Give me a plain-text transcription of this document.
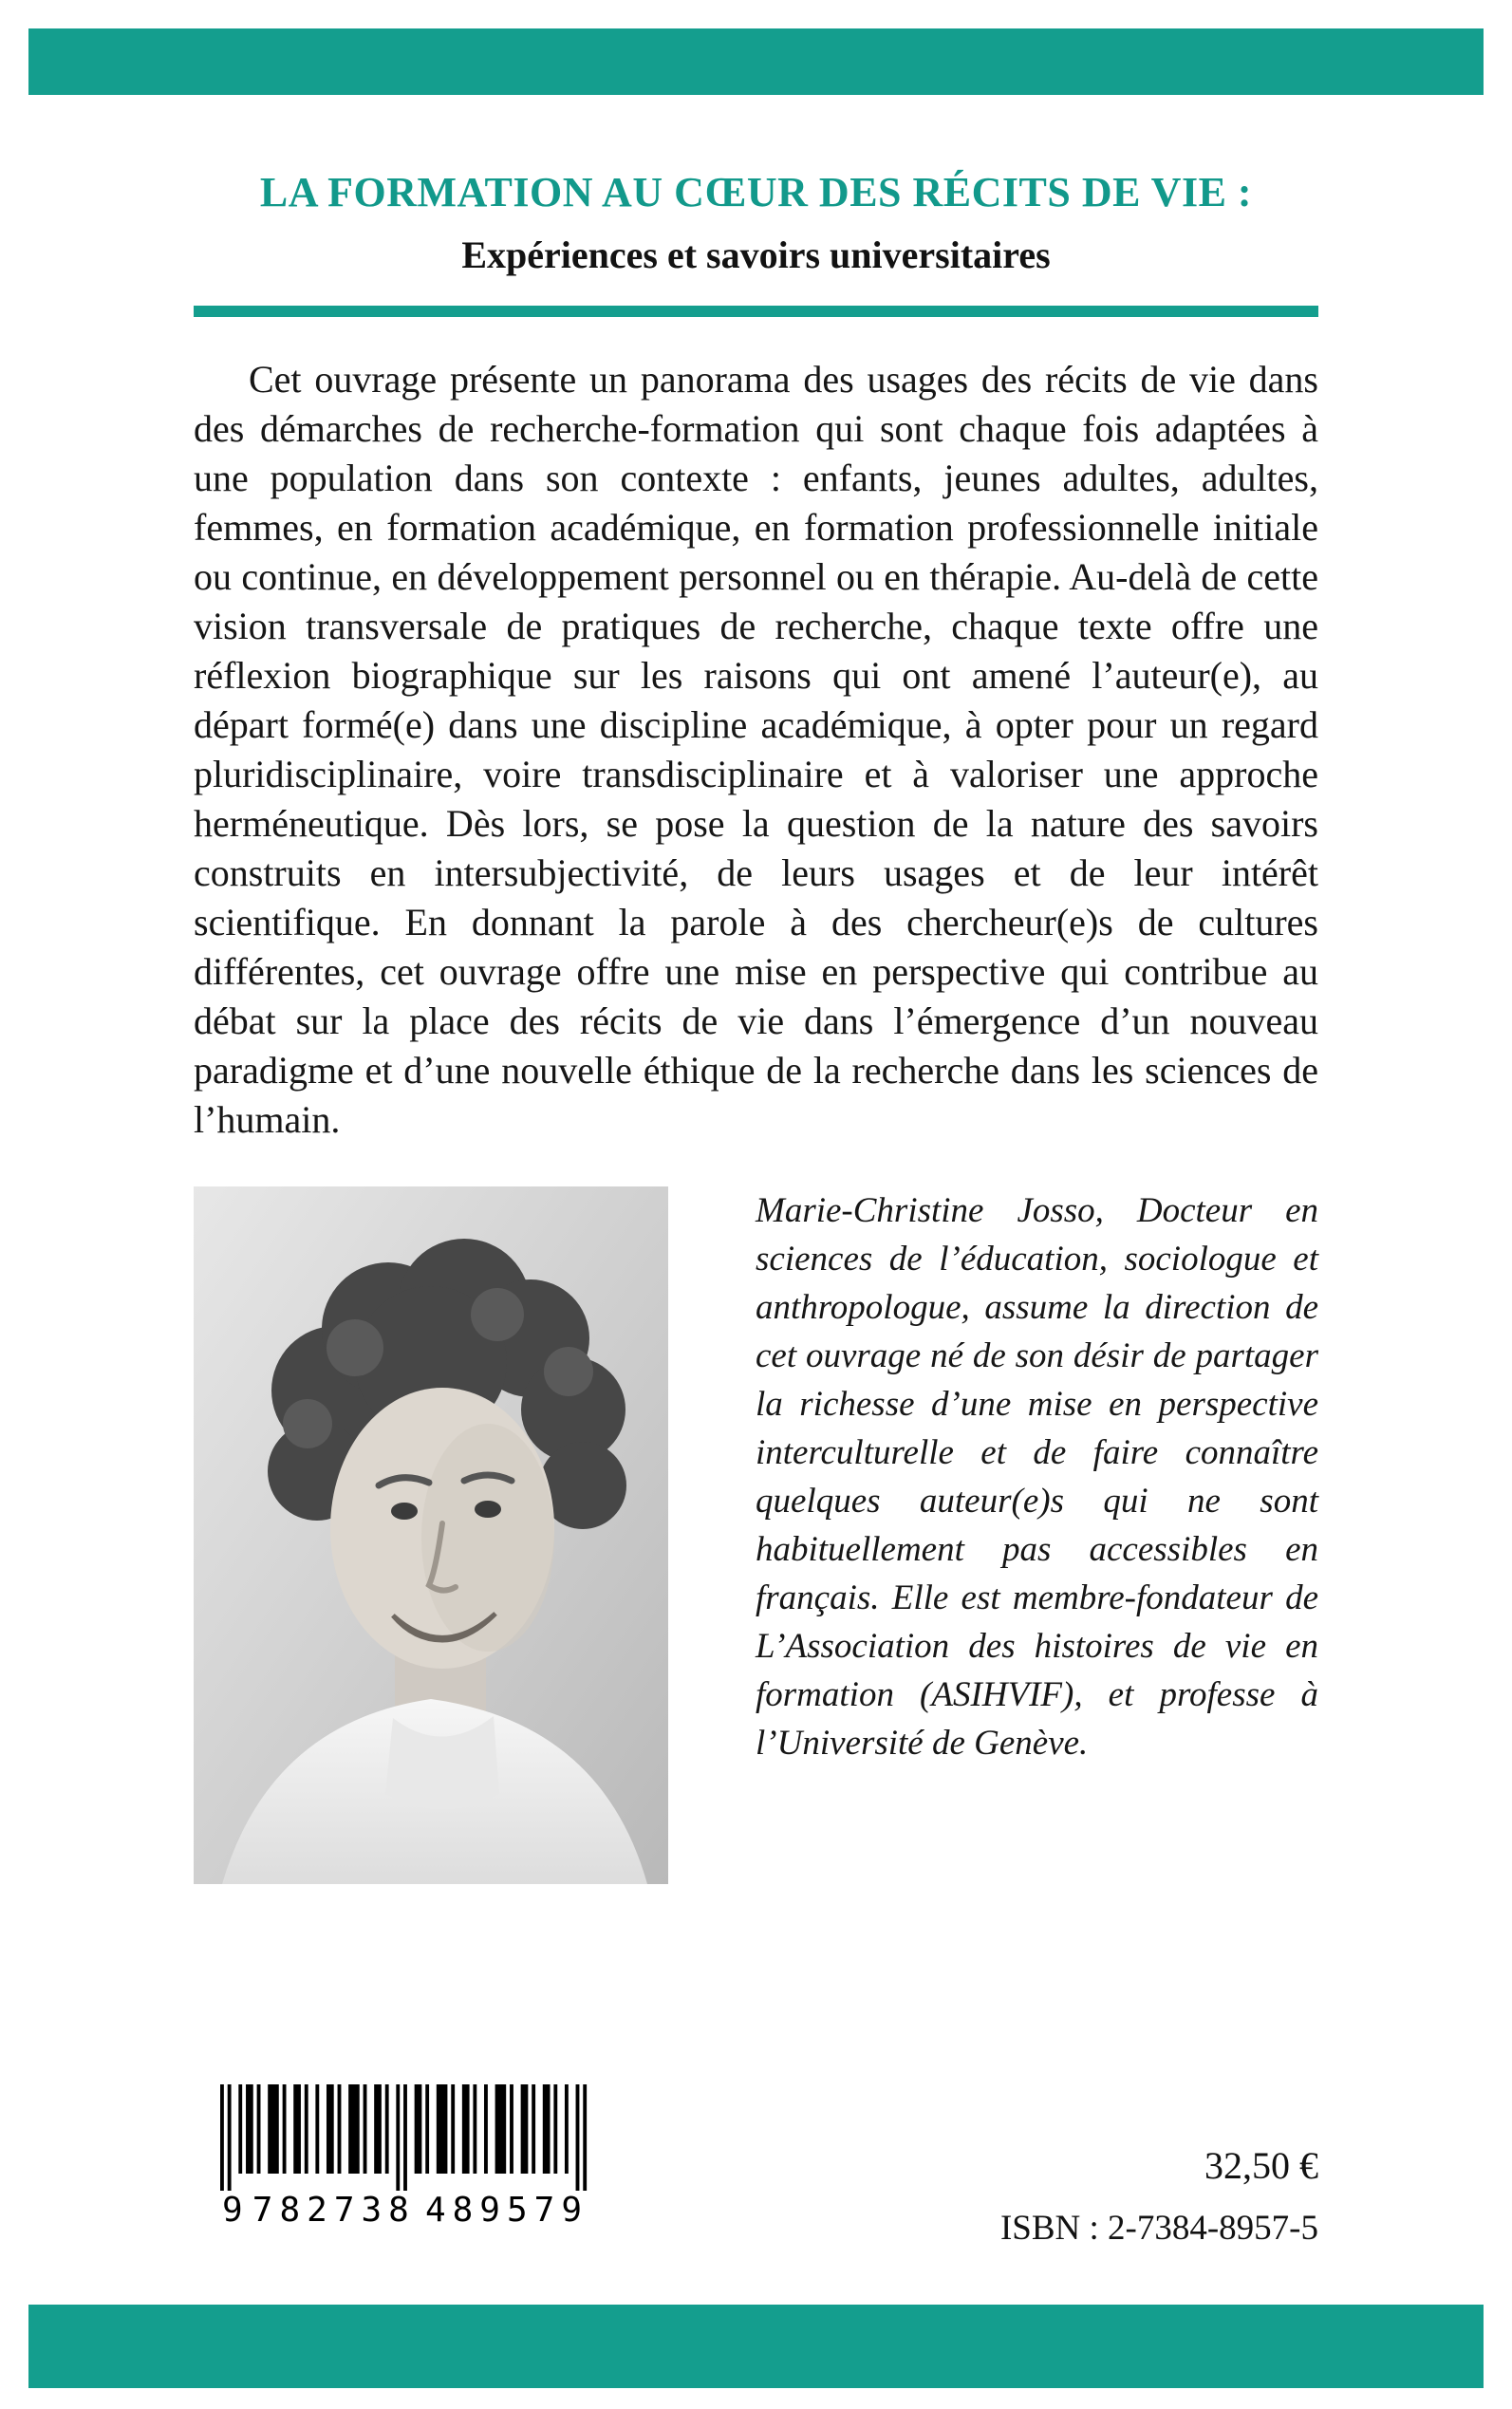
LA FORMATION AU CŒUR DES RÉCITS DE VIE :
Expériences et savoirs universitaires

Cet ouvrage présente un panorama des usages des récits de vie dans des démarches de recherche-formation qui sont chaque fois adaptées à une population dans son contexte : enfants, jeunes adultes, adultes, femmes, en formation académique, en formation professionnelle initiale ou continue, en développement personnel ou en thérapie. Au-delà de cette vision transversale de pratiques de recherche, chaque texte offre une réflexion biographique sur les raisons qui ont amené l’auteur(e), au départ formé(e) dans une discipline académique, à opter pour un regard pluridisciplinaire, voire transdisciplinaire et à valoriser une approche herméneutique. Dès lors, se pose la question de la nature des savoirs construits en intersubjectivité, de leurs usages et de leur intérêt scientifique. En donnant la parole à des chercheur(e)s de cultures différentes, cet ouvrage offre une mise en perspective qui contribue au débat sur la place des récits de vie dans l’émergence d’un nouveau paradigme et d’une nouvelle éthique de la recherche dans les sciences de l’humain.

Marie-Christine Josso, Docteur en sciences de l’éducation, sociologue et anthropologue, assume la direction de cet ouvrage né de son désir de partager la richesse d’une mise en perspective interculturelle et de faire connaître quelques auteur(e)s qui ne sont habituellement pas accessibles en français. Elle est membre-fondateur de L’Association des histoires de vie en formation (ASIHVIF), et professe à l’Université de Genève.

9 782738 489579
32,50 €
ISBN : 2-7384-8957-5
